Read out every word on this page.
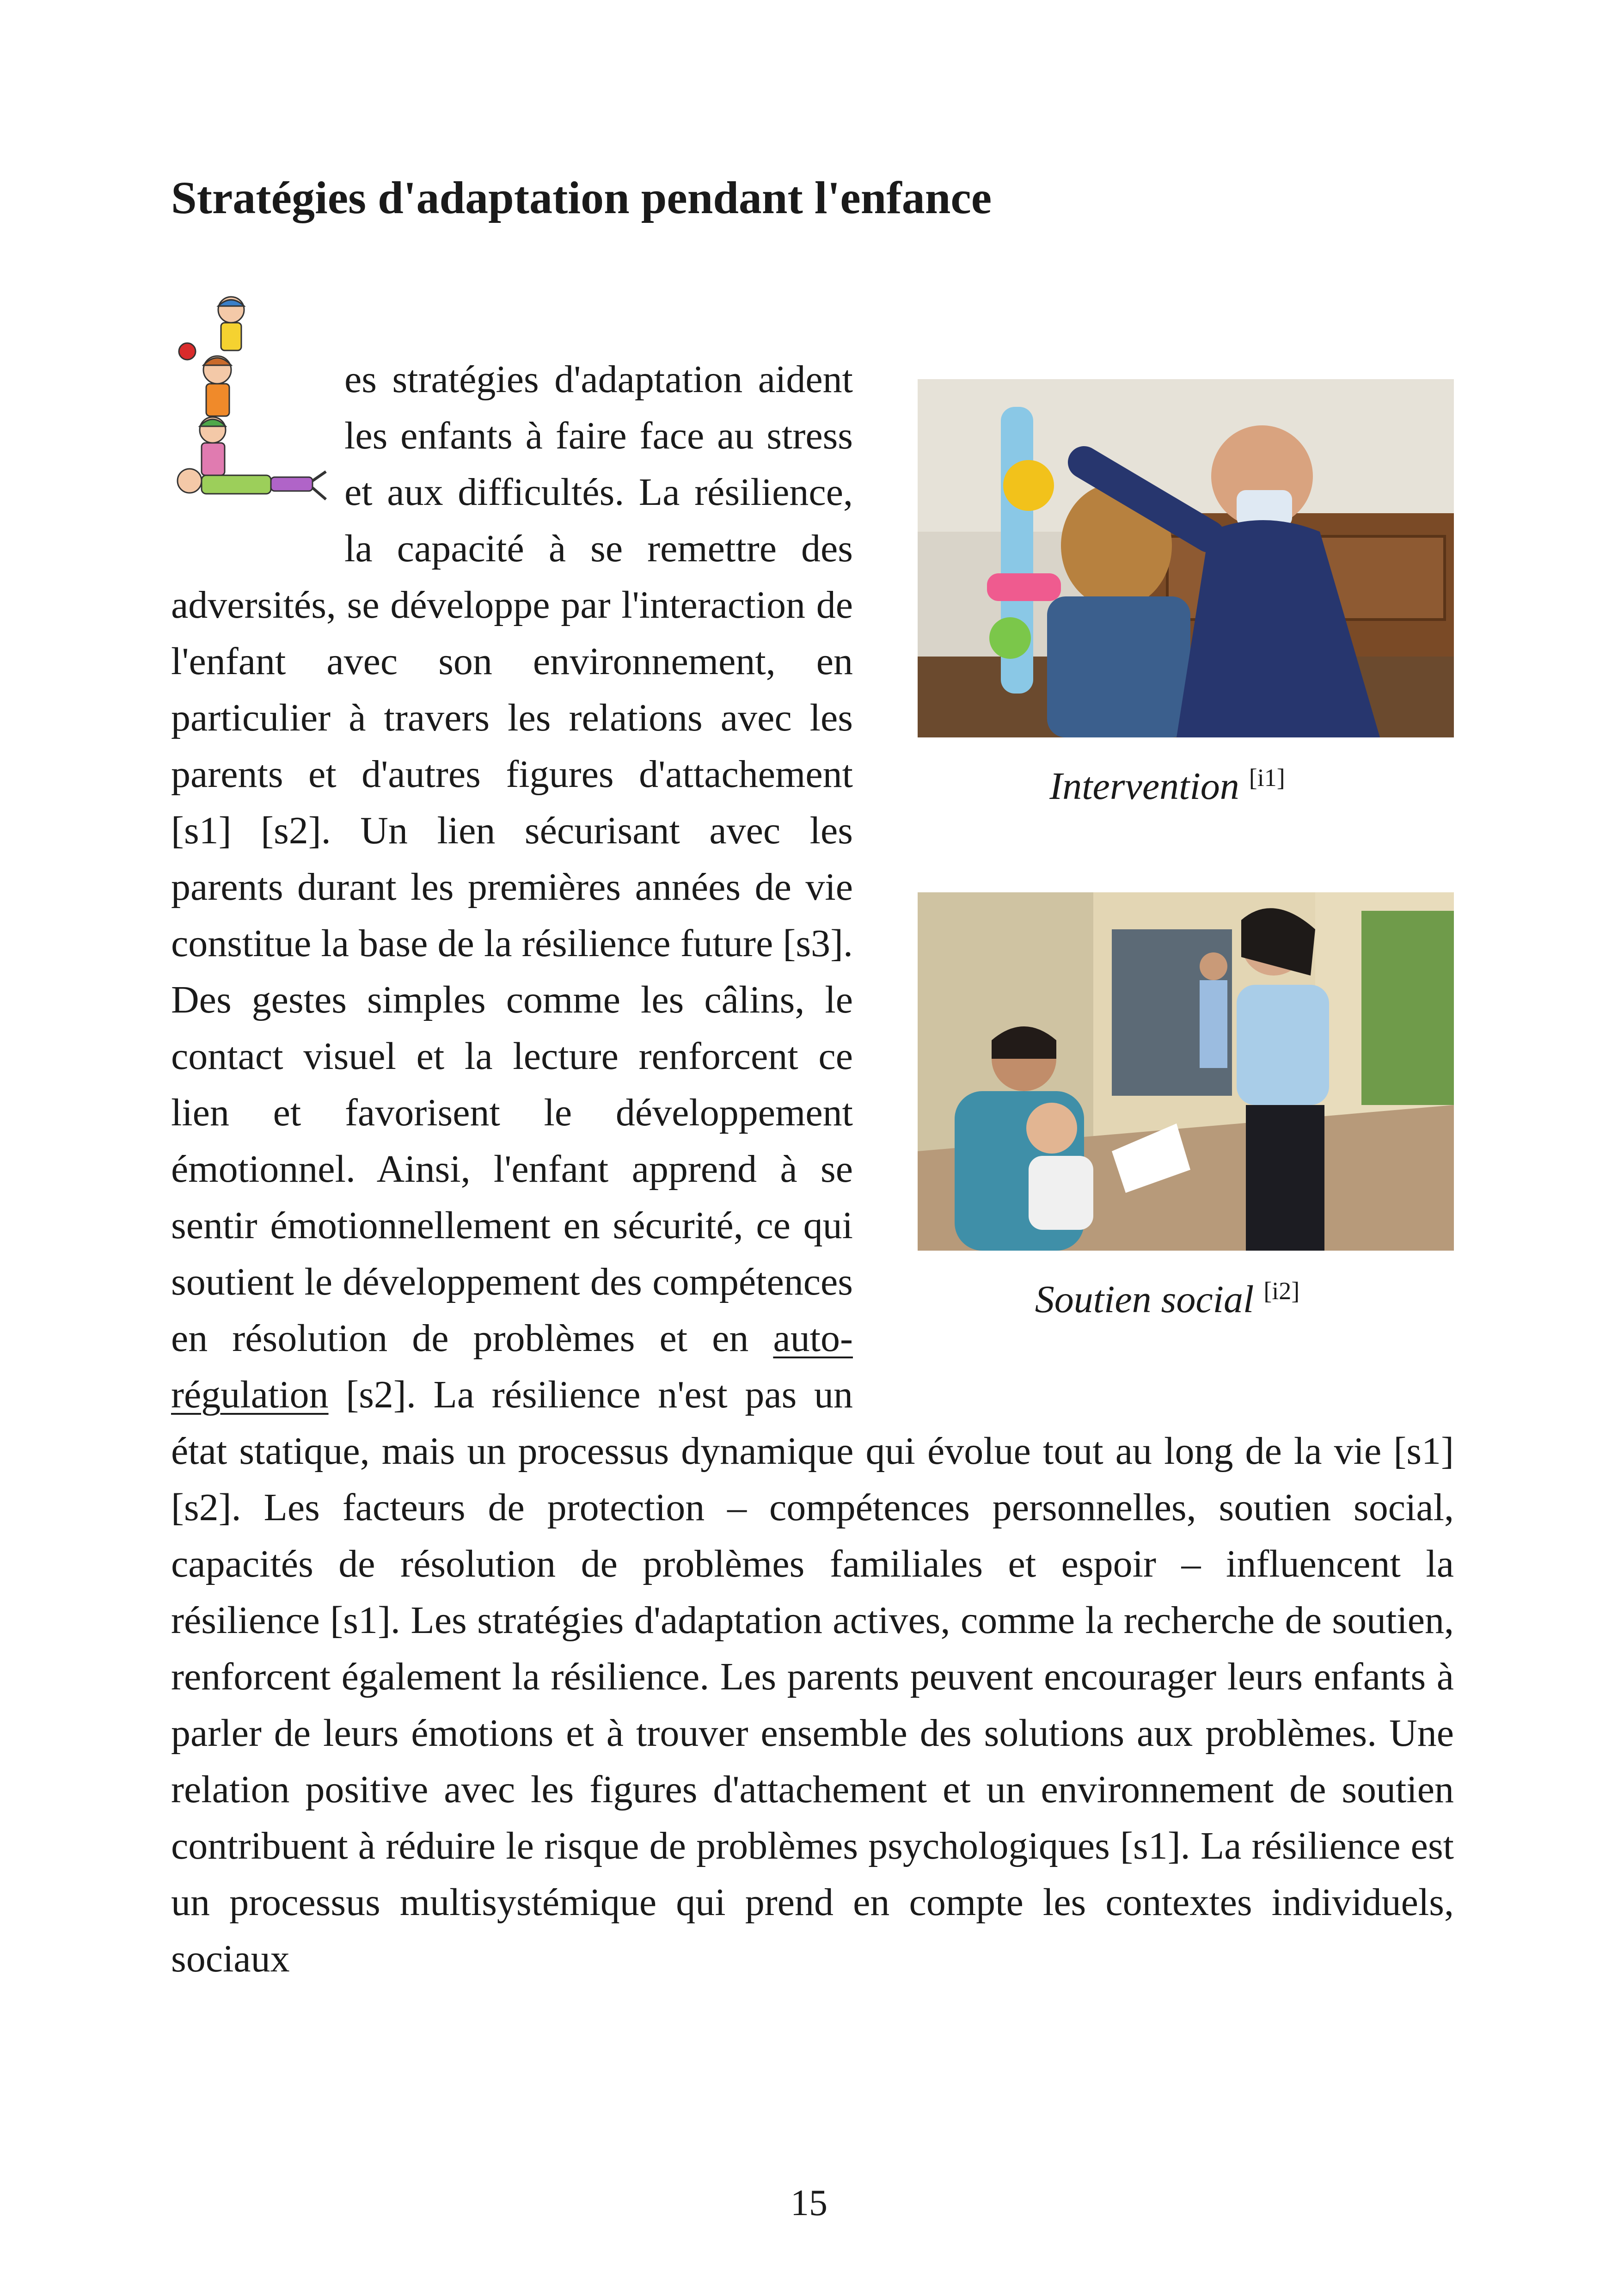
Stratégies d'adaptation pendant l'enfance
Intervention [i1]
Soutien social [i2]
es stratégies d'adaptation aident les enfants à faire face au stress et aux difficultés. La résilience, la capacité à se remettre des adversités, se développe par l'interaction de l'enfant avec son environnement, en particulier à travers les relations avec les parents et d'autres figures d'attachement [s1] [s2]. Un lien sécurisant avec les parents durant les premières années de vie constitue la base de la résilience future [s3]. Des gestes simples comme les câlins, le contact visuel et la lecture renforcent ce lien et favorisent le développement émotionnel. Ainsi, l'enfant apprend à se sentir émotionnellement en sécurité, ce qui soutient le développement des compétences en résolution de problèmes et en auto-régulation [s2]. La résilience n'est pas un état statique, mais un processus dynamique qui évolue tout au long de la vie [s1] [s2]. Les facteurs de protection – compétences personnelles, soutien social, capacités de résolution de problèmes familiales et espoir – influencent la résilience [s1]. Les stratégies d'adaptation actives, comme la recherche de soutien, renforcent également la résilience. Les parents peuvent encourager leurs enfants à parler de leurs émotions et à trouver ensemble des solutions aux problèmes. Une relation positive avec les figures d'attachement et un environnement de soutien contribuent à réduire le risque de problèmes psychologiques [s1]. La résilience est un processus multisystémique qui prend en compte les contextes individuels, sociaux
15
